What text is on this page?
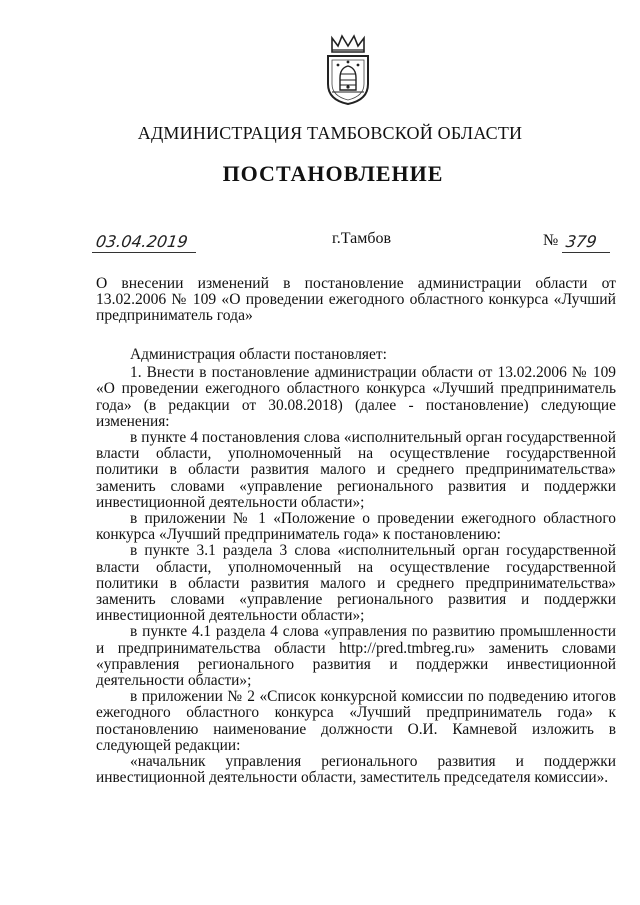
АДМИНИСТРАЦИЯ ТАМБОВСКОЙ ОБЛАСТИ
ПОСТАНОВЛЕНИЕ
03.04.2019	г.Тамбов	№ 379
О внесении изменений в постановление администрации области от 13.02.2006 № 109 «О проведении ежегодного областного конкурса «Лучший предприниматель года»

Администрация области постановляет:

1. Внести в постановление администрации области от 13.02.2006 № 109 «О проведении ежегодного областного конкурса «Лучший предприниматель года» (в редакции от 30.08.2018) (далее - постановление) следующие изменения:

в пункте 4 постановления слова «исполнительный орган государственной власти области, уполномоченный на осуществление государственной политики в области развития малого и среднего предпринимательства» заменить словами «управление регионального развития и поддержки инвестиционной деятельности области»;

в приложении № 1 «Положение о проведении ежегодного областного конкурса «Лучший предприниматель года» к постановлению:

в пункте 3.1 раздела 3 слова «исполнительный орган государственной власти области, уполномоченный на осуществление государственной политики в области развития малого и среднего предпринимательства» заменить словами «управление регионального развития и поддержки инвестиционной деятельности области»;

в пункте 4.1 раздела 4 слова «управления по развитию промышленности и предпринимательства области http://pred.tmbreg.ru» заменить словами «управления регионального развития и поддержки инвестиционной деятельности области»;

в приложении № 2 «Список конкурсной комиссии по подведению итогов ежегодного областного конкурса «Лучший предприниматель года» к постановлению наименование должности О.И. Камневой изложить в следующей редакции:

«начальник управления регионального развития и поддержки инвестиционной деятельности области, заместитель председателя комиссии».
